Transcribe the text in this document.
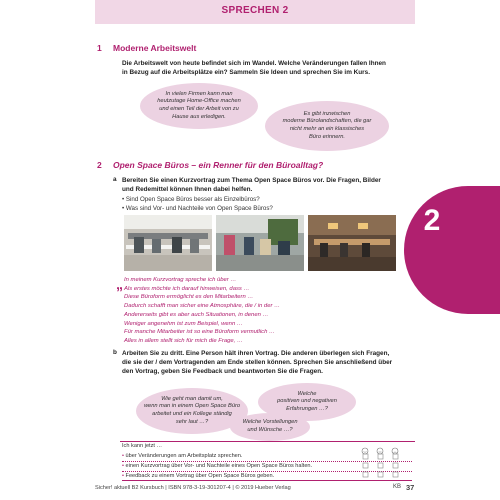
SPRECHEN 2
1 Moderne Arbeitswelt
Die Arbeitswelt von heute befindet sich im Wandel. Welche Veränderungen fallen Ihnen
in Bezug auf die Arbeitsplätze ein? Sammeln Sie Ideen und sprechen Sie im Kurs.
In vielen Firmen kann man
heutzutage Home-Office machen
und einen Teil der Arbeit von zu
Hause aus erledigen.	Es gibt inzwischen
moderne Bürolandschaften, die gar
nicht mehr an ein klassisches
Büro erinnern.
2 Open Space Büros – ein Renner für den Büroalltag?
a Bereiten Sie einen Kurzvortrag zum Thema Open Space Büros vor. Die Fragen, Bilder
und Redemittel können Ihnen dabei helfen.
• Sind Open Space Büros besser als Einzelbüros?
• Was sind Vor- und Nachteile von Open Space Büros?
„ In meinem Kurzvortrag spreche ich über …
Als erstes möchte ich darauf hinweisen, dass …
Diese Büroform ermöglicht es den Mitarbeitern …
Dadurch schafft man sicher eine Atmosphäre, die / in der …
Andererseits gibt es aber auch Situationen, in denen …
Weniger angenehm ist zum Beispiel, wenn …
Für manche Mitarbeiter ist so eine Büroform vermutlich …
Alles in allem stellt sich für mich die Frage, …
b Arbeiten Sie zu dritt. Eine Person hält ihren Vortrag. Die anderen überlegen sich Fragen,
die sie der / dem Vortragenden am Ende stellen können. Sprechen Sie anschließend über
den Vortrag, geben Sie Feedback und beantworten Sie die Fragen.
Wie geht man damit um,
wenn man in einem Open Space Büro
arbeitet und ein Kollege ständig
sehr laut …?
Welche
positiven und negativen
Erfahrungen …?
Welche Vorstellungen
und Wünsche …?
2
Ich kann jetzt …
• über Veränderungen am Arbeitsplatz sprechen.
• einen Kurzvortrag über Vor- und Nachteile eines Open Space Büros halten.
• Feedback zu einem Vortrag über Open Space Büros geben.
Sicher! aktuell B2 Kursbuch | ISBN 978-3-19-301207-4 | © 2019 Hueber Verlag	KB 37
